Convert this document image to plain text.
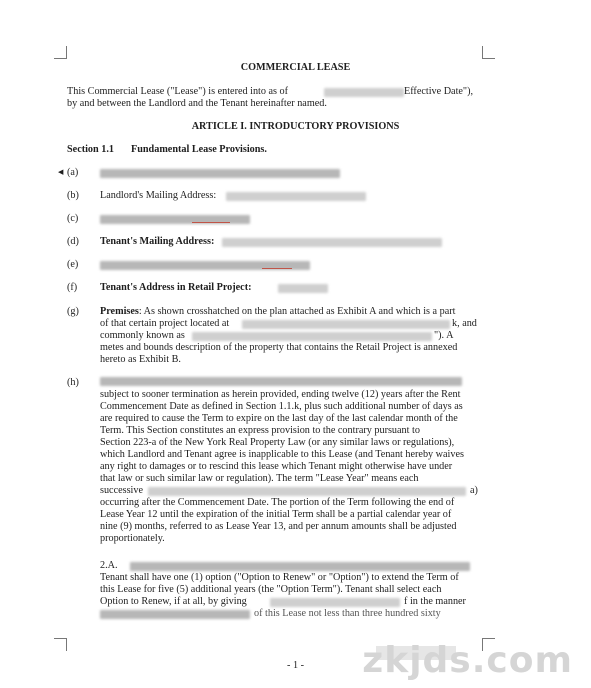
COMMERCIAL LEASE
This Commercial Lease ("Lease") is entered into as of	Effective Date"),
by and between the Landlord and the Tenant hereinafter named.
ARTICLE I. INTRODUCTORY PROVISIONS
Section 1.1 Fundamental Lease Provisions.
◀ (a)
(b) Landlord's Mailing Address:
(c)
(d) Tenant's Mailing Address:
(e)
(f) Tenant's Address in Retail Project:
(g) Premises: As shown crosshatched on the plan attached as Exhibit A and which is a part
of that certain project located at	k, and
commonly known as	"). A
metes and bounds description of the property that contains the Retail Project is annexed
hereto as Exhibit B.
(h)
subject to sooner termination as herein provided, ending twelve (12) years after the Rent
Commencement Date as defined in Section 1.1.k, plus such additional number of days as
are required to cause the Term to expire on the last day of the last calendar month of the
Term. This Section constitutes an express provision to the contrary pursuant to
Section 223-a of the New York Real Property Law (or any similar laws or regulations),
which Landlord and Tenant agree is inapplicable to this Lease (and Tenant hereby waives
any right to damages or to rescind this lease which Tenant might otherwise have under
that law or such similar law or regulation). The term "Lease Year" means each
successive	a)
occurring after the Commencement Date. The portion of the Term following the end of
Lease Year 12 until the expiration of the initial Term shall be a partial calendar year of
nine (9) months, referred to as Lease Year 13, and per annum amounts shall be adjusted
proportionately.
2.A.
Tenant shall have one (1) option ("Option to Renew" or "Option") to extend the Term of
this Lease for five (5) additional years (the "Option Term"). Tenant shall select each
Option to Renew, if at all, by giving	f in the manner
of this Lease not less than three hundred sixty
- 1 -	zkjds.com
